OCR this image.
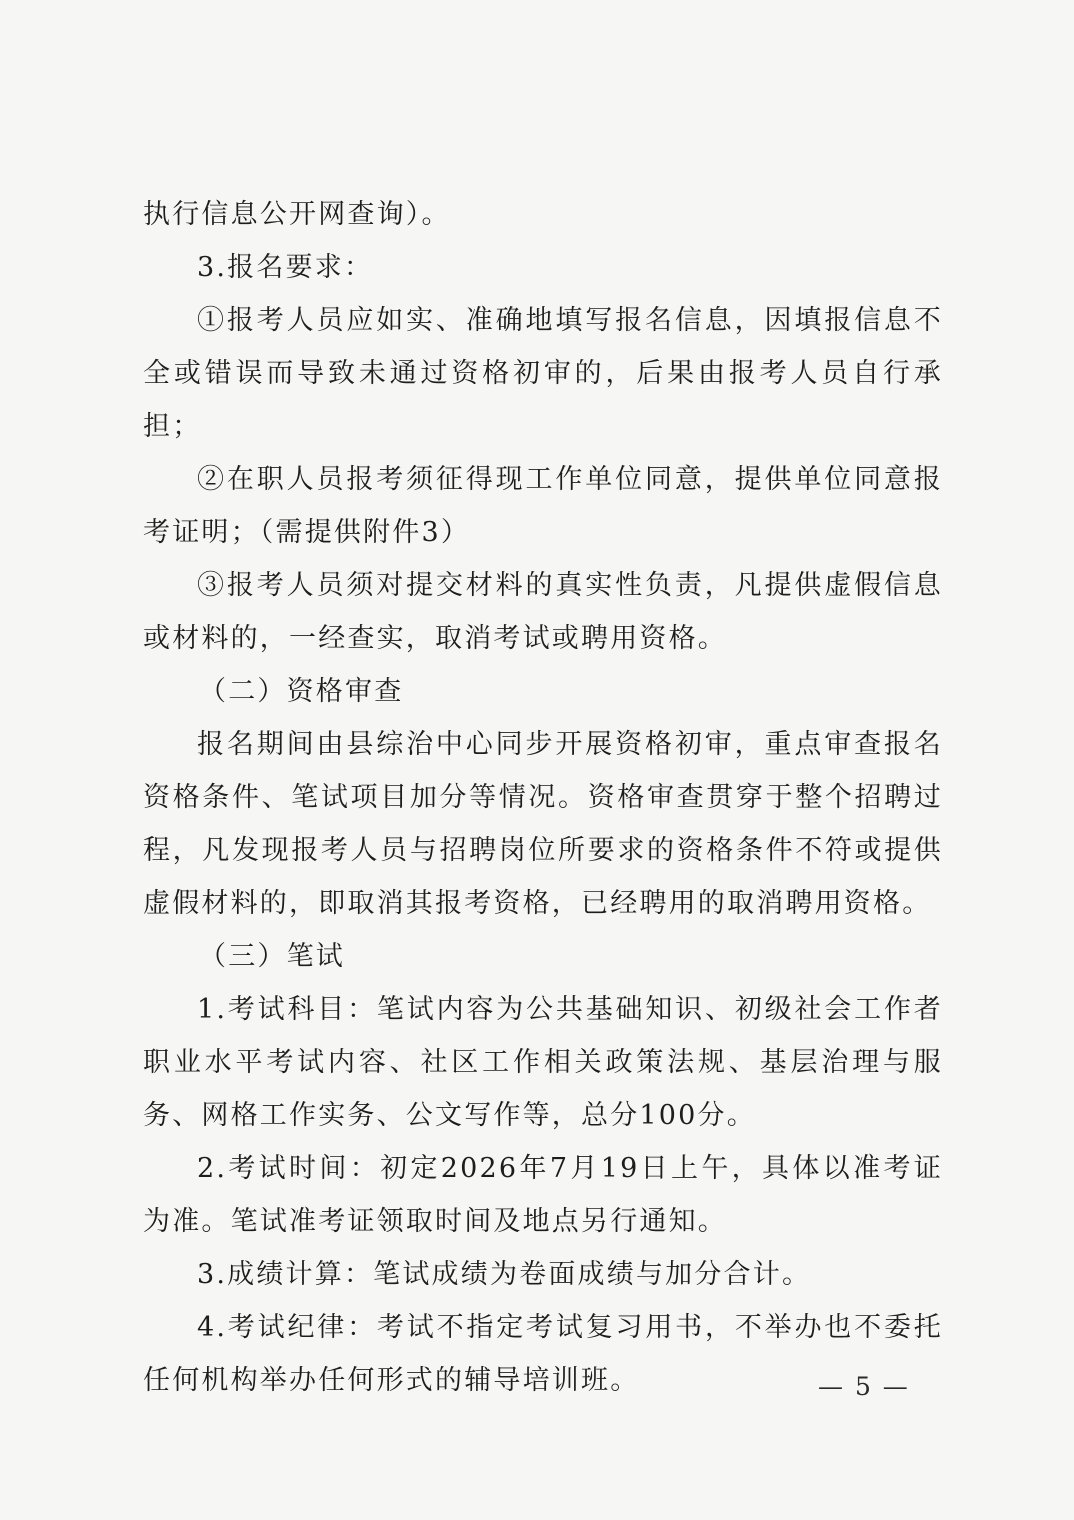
执行信息公开网查询）。

3.报名要求：

①报考人员应如实、准确地填写报名信息，因填报信息不全或错误而导致未通过资格初审的，后果由报考人员自行承担；

②在职人员报考须征得现工作单位同意，提供单位同意报考证明；（需提供附件3）

③报考人员须对提交材料的真实性负责，凡提供虚假信息或材料的，一经查实，取消考试或聘用资格。

（二）资格审查

报名期间由县综治中心同步开展资格初审，重点审查报名资格条件、笔试项目加分等情况。资格审查贯穿于整个招聘过程，凡发现报考人员与招聘岗位所要求的资格条件不符或提供虚假材料的，即取消其报考资格，已经聘用的取消聘用资格。

（三）笔试

1.考试科目：笔试内容为公共基础知识、初级社会工作者职业水平考试内容、社区工作相关政策法规、基层治理与服务、网格工作实务、公文写作等，总分100分。

2.考试时间：初定2026年7月19日上午，具体以准考证为准。笔试准考证领取时间及地点另行通知。

3.成绩计算：笔试成绩为卷面成绩与加分合计。

4.考试纪律：考试不指定考试复习用书，不举办也不委托任何机构举办任何形式的辅导培训班。	— 5 —
